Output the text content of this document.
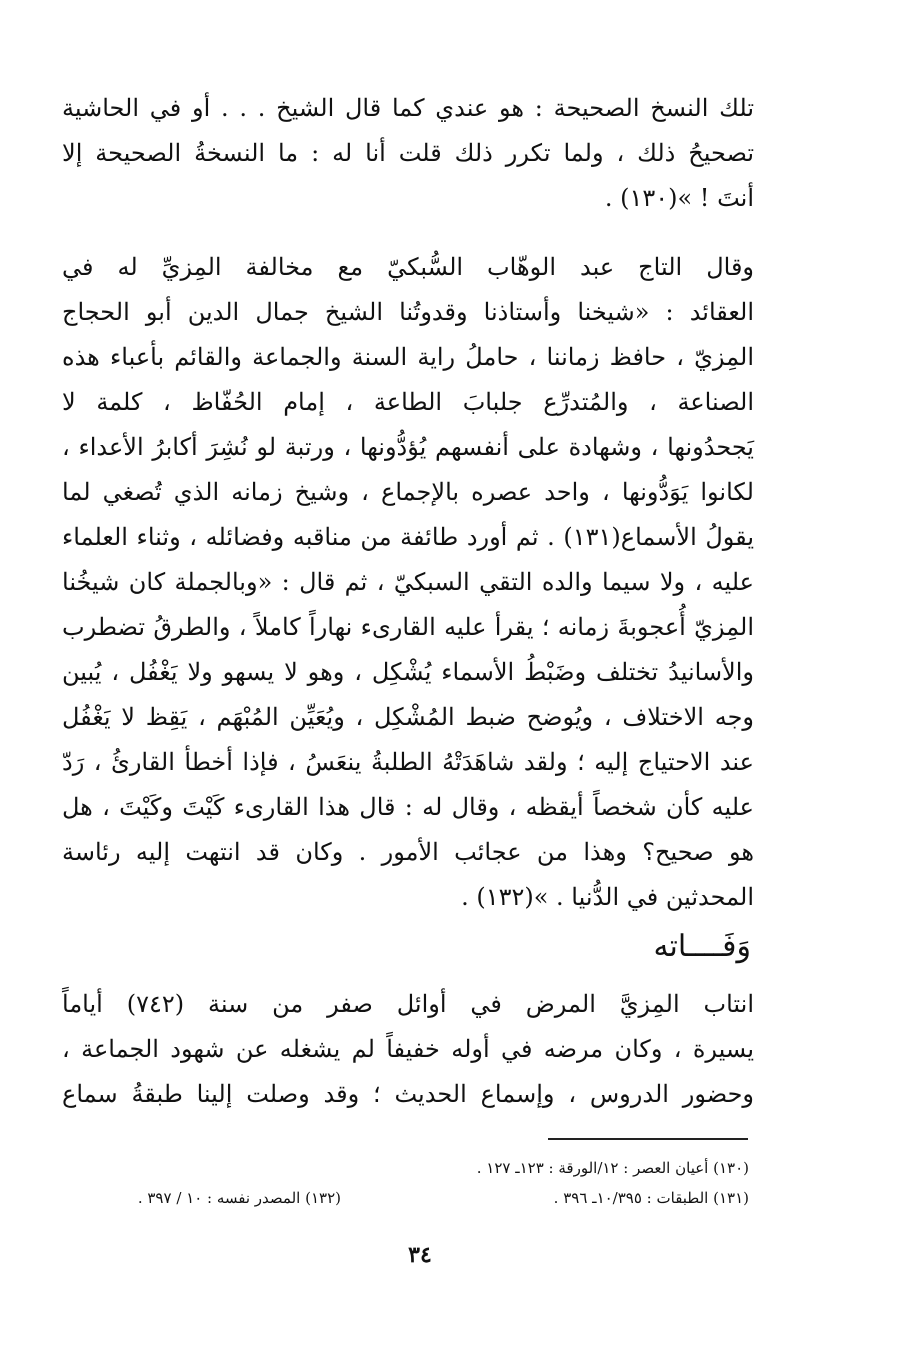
تلك النسخ الصحيحة : هو عندي كما قال الشيخ . . . أو في الحاشية
تصحيحُ ذلك ، ولما تكرر ذلك قلت أنا له : ما النسخةُ الصحيحة إلا
أنتَ ! »(١٣٠) .
وقال التاج عبد الوهّاب السُّبكيّ مع مخالفة المِزيِّ له في
العقائد : «شيخنا وأستاذنا وقدوتُنا الشيخ جمال الدين أبو الحجاج
المِزيّ ، حافظ زماننا ، حاملُ راية السنة والجماعة والقائم بأعباء هذه
الصناعة ، والمُتدرِّع جلبابَ الطاعة ، إمام الحُفّاظ ، كلمة لا
يَجحدُونها ، وشهادة على أنفسهم يُؤدُّونها ، ورتبة لو نُشِرَ أكابرُ الأعداء ،
لكانوا يَوَدُّونها ، واحد عصره بالإجماع ، وشيخ زمانه الذي تُصغي لما
يقولُ الأسماع(١٣١) . ثم أورد طائفة من مناقبه وفضائله ، وثناء العلماء
عليه ، ولا سيما والده التقي السبكيّ ، ثم قال : «وبالجملة كان شيخُنا
المِزيّ أُعجوبةَ زمانه ؛ يقرأ عليه القارىء نهاراً كاملاً ، والطرقُ تضطرب
والأسانيدُ تختلف وضَبْطُ الأسماء يُشْكِل ، وهو لا يسهو ولا يَغْفُل ، يُبين
وجه الاختلاف ، ويُوضح ضبط المُشْكِل ، ويُعَيِّن المُبْهَم ، يَقِظ لا يَغْفُل
عند الاحتياج إليه ؛ ولقد شاهَدَتْهُ الطلبةُ ينعَسُ ، فإذا أخطأ القارئُ ، رَدّ
عليه كأن شخصاً أيقظه ، وقال له : قال هذا القارىء كَيْتَ وكَيْتَ ، هل
هو صحيح؟ وهذا من عجائب الأمور . وكان قد انتهت إليه رئاسة
المحدثين في الدُّنيا . »(١٣٢) .
وَفَــــاته
انتاب المِزيَّ المرض في أوائل صفر من سنة (٧٤٢) أياماً
يسيرة ، وكان مرضه في أوله خفيفاً لم يشغله عن شهود الجماعة ،
وحضور الدروس ، وإسماع الحديث ؛ وقد وصلت إلينا طبقةُ سماع

(١٣٠) أعيان العصر : ١٢/الورقة : ١٢٣ـ ١٢٧ .

(١٣١) الطبقات : ١٠/٣٩٥ـ ٣٩٦ .

(١٣٢) المصدر نفسه : ١٠ / ٣٩٧ .

٣٤
